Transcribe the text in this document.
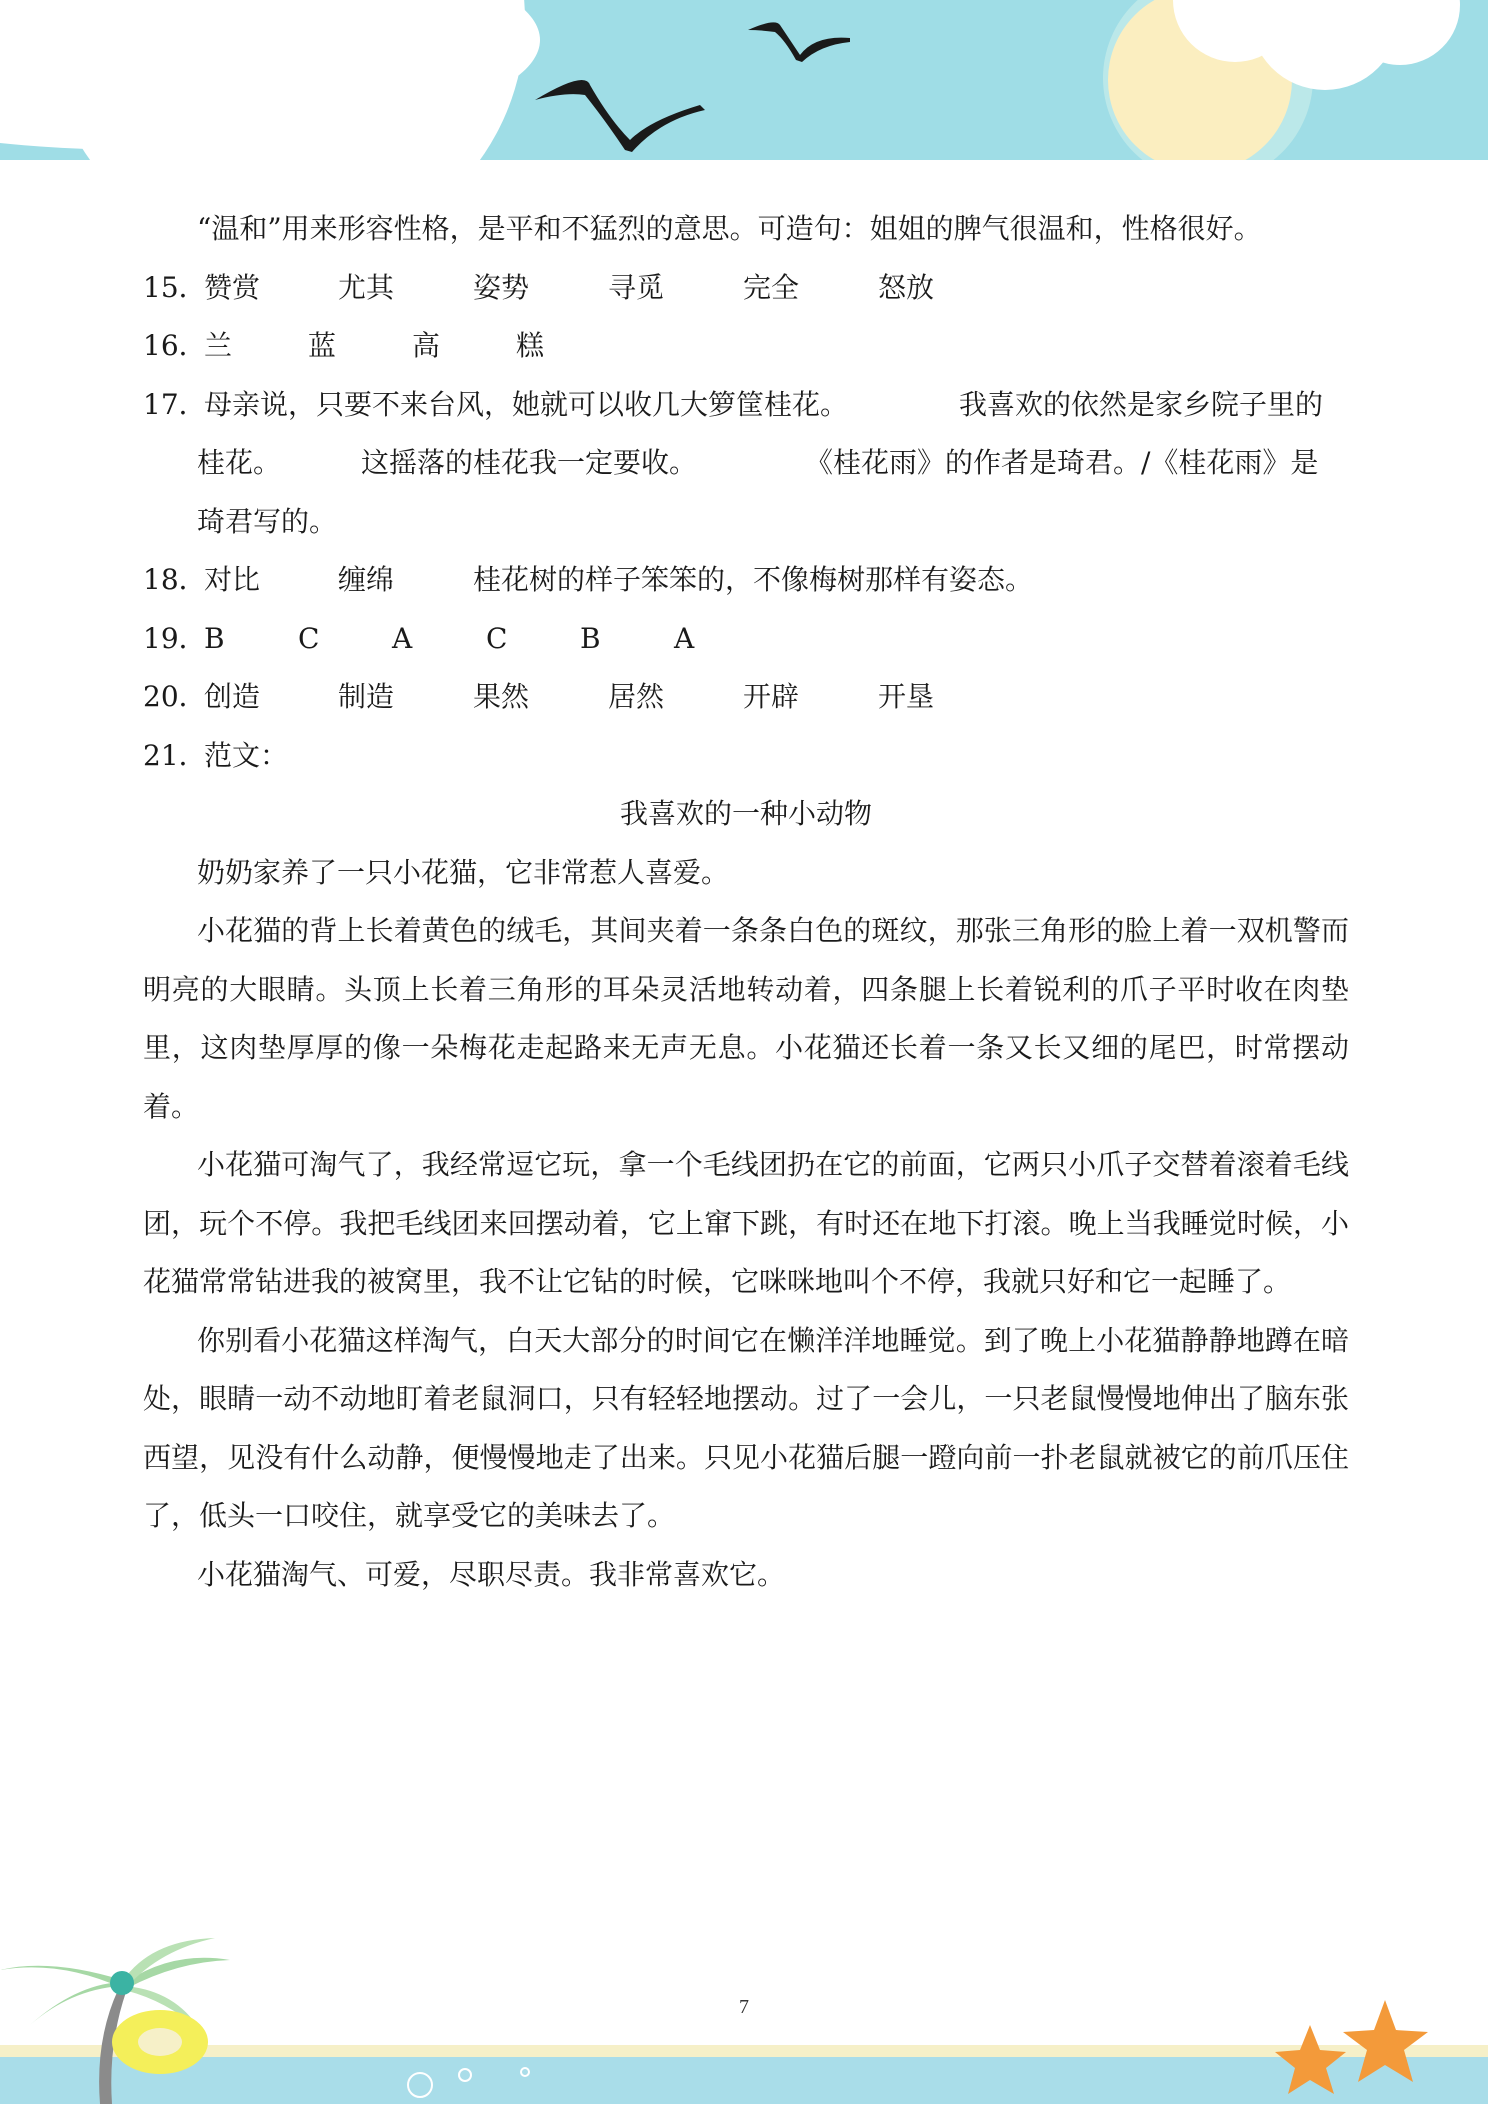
“温和”用来形容性格，是平和不猛烈的意思。可造句：姐姐的脾气很温和，性格很好。
15．
赞赏	尤其	姿势	寻觅	完全	怒放
16．
兰	蓝	高	糕
17．
母亲说，只要不来台风，她就可以收几大箩筐桂花。	我喜欢的依然是家乡院子里的
桂花。	这摇落的桂花我一定要收。	《桂花雨》的作者是琦君。/《桂花雨》是
琦君写的。
18．
对比	缠绵	桂花树的样子笨笨的，不像梅树那样有姿态。
19．
B	C	A	C	B	A
20．
创造	制造	果然	居然	开辟	开垦
21．
范文：
我喜欢的一种小动物
奶奶家养了一只小花猫，它非常惹人喜爱。
小花猫的背上长着黄色的绒毛，其间夹着一条条白色的斑纹，那张三角形的脸上着一双机警而明亮的大眼睛。头顶上长着三角形的耳朵灵活地转动着，四条腿上长着锐利的爪子平时收在肉垫里，这肉垫厚厚的像一朵梅花走起路来无声无息。小花猫还长着一条又长又细的尾巴，时常摆动着。
小花猫可淘气了，我经常逗它玩，拿一个毛线团扔在它的前面，它两只小爪子交替着滚着毛线团，玩个不停。我把毛线团来回摆动着，它上窜下跳，有时还在地下打滚。晚上当我睡觉时候，小花猫常常钻进我的被窝里，我不让它钻的时候，它咪咪地叫个不停，我就只好和它一起睡了。
你别看小花猫这样淘气，白天大部分的时间它在懒洋洋地睡觉。到了晚上小花猫静静地蹲在暗处，眼睛一动不动地盯着老鼠洞口，只有轻轻地摆动。过了一会儿，一只老鼠慢慢地伸出了脑东张西望，见没有什么动静，便慢慢地走了出来。只见小花猫后腿一蹬向前一扑老鼠就被它的前爪压住了，低头一口咬住，就享受它的美味去了。
小花猫淘气、可爱，尽职尽责。我非常喜欢它。
7
